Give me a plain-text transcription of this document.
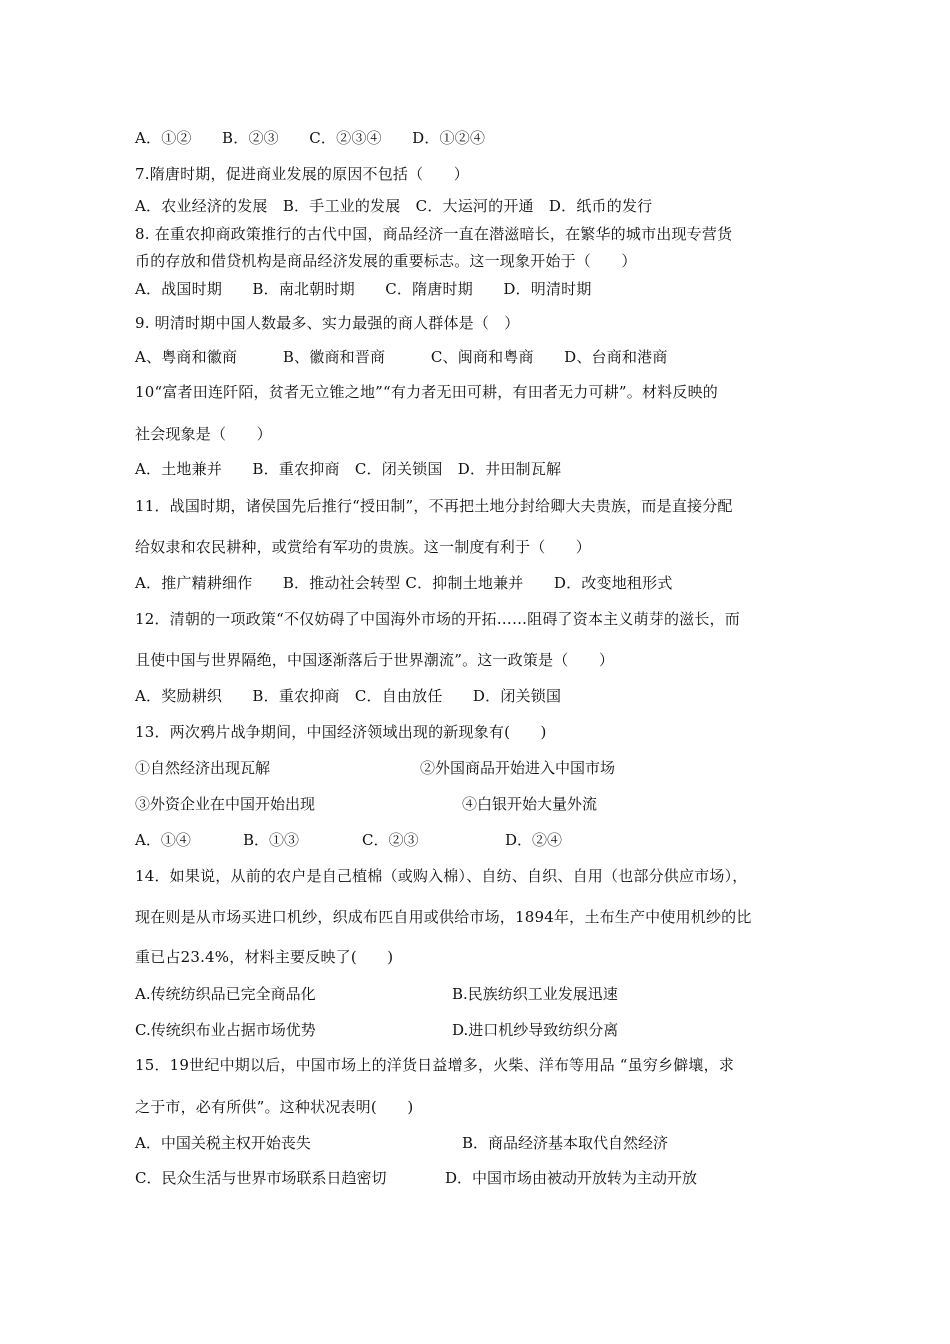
A．①②　　B．②③　　C．②③④　　D．①②④
7.隋唐时期，促进商业发展的原因不包括（　　）
A．农业经济的发展　B．手工业的发展　C．大运河的开通　D．纸币的发行
8. 在重农抑商政策推行的古代中国，商品经济一直在潜滋暗长，在繁华的城市出现专营货
币的存放和借贷机构是商品经济发展的重要标志。这一现象开始于（　　）
A．战国时期　　B．南北朝时期　　C．隋唐时期　　D．明清时期
9. 明清时期中国人数最多、实力最强的商人群体是（　）
A、粤商和徽商　　　B、徽商和晋商　　　C、闽商和粤商　　D、台商和港商
10“富者田连阡陌，贫者无立锥之地”“有力者无田可耕，有田者无力可耕”。材料反映的
社会现象是（　　）
A．土地兼并　　B．重农抑商　C．闭关锁国　D．井田制瓦解
11．战国时期，诸侯国先后推行“授田制”，不再把土地分封给卿大夫贵族，而是直接分配
给奴隶和农民耕种，或赏给有军功的贵族。这一制度有利于（　　）
A．推广精耕细作　　B．推动社会转型 C．抑制土地兼并　　D．改变地租形式
12．清朝的一项政策“不仅妨碍了中国海外市场的开拓……阻碍了资本主义萌芽的滋长，而
且使中国与世界隔绝，中国逐渐落后于世界潮流”。这一政策是（　　）
A．奖励耕织　　B．重农抑商　C．自由放任　　D．闭关锁国
13．两次鸦片战争期间，中国经济领域出现的新现象有(　　)
①自然经济出现瓦解	②外国商品开始进入中国市场
③外资企业在中国开始出现	④白银开始大量外流
A．①④	B．①③	C．②③	D．②④
14．如果说，从前的农户是自己植棉（或购入棉）、自纺、自织、自用（也部分供应市场），
现在则是从市场买进口机纱，织成布匹自用或供给市场，1894年，土布生产中使用机纱的比
重已占23.4%，材料主要反映了(　　)
A.传统纺织品已完全商品化	B.民族纺织工业发展迅速
C.传统织布业占据市场优势	D.进口机纱导致纺织分离
15．19世纪中期以后，中国市场上的洋货日益增多，火柴、洋布等用品 “虽穷乡僻壤，求
之于市，必有所供”。这种状况表明(　　)
A．中国关税主权开始丧失	B．商品经济基本取代自然经济
C．民众生活与世界市场联系日趋密切	D．中国市场由被动开放转为主动开放
